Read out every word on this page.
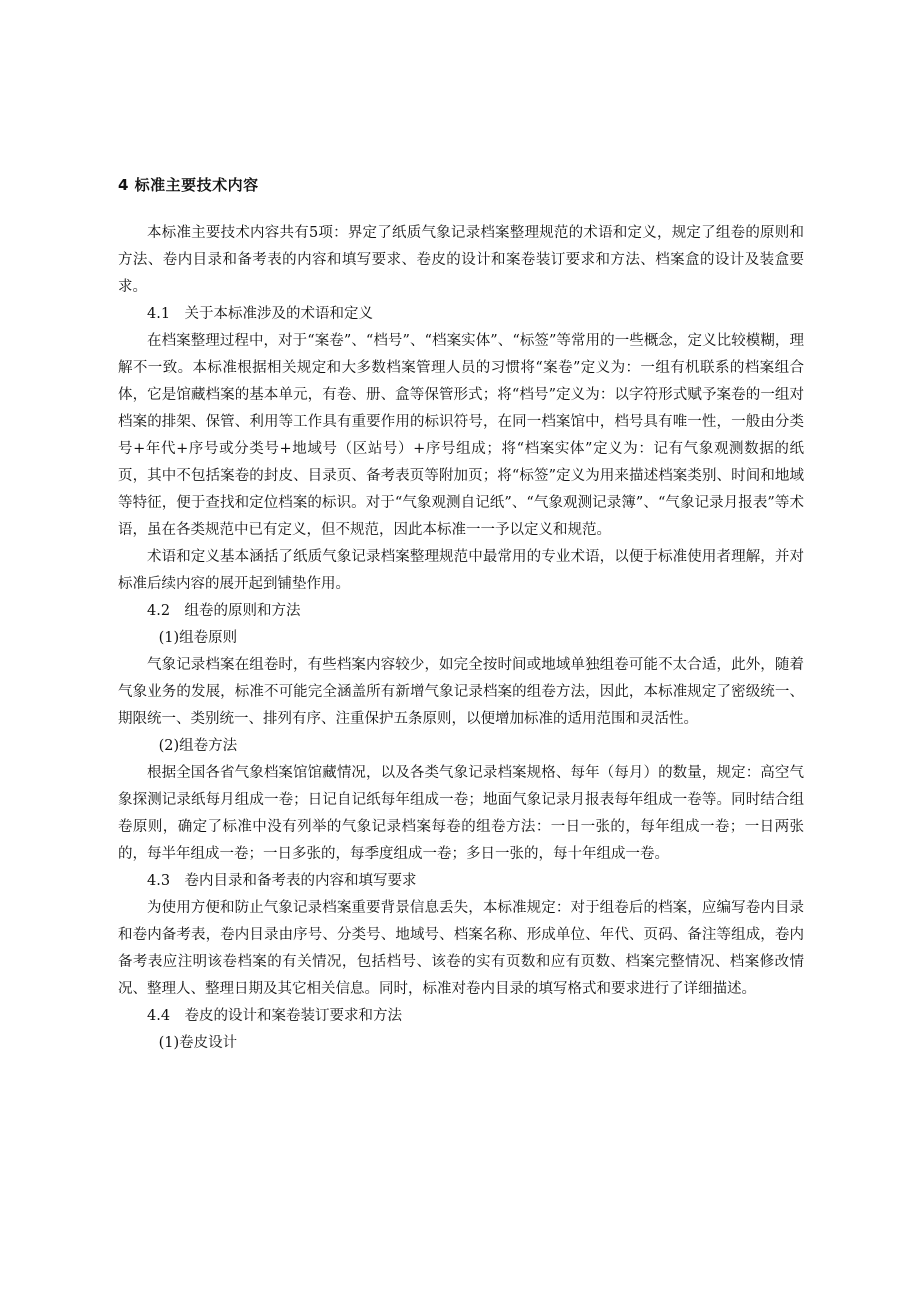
4 标准主要技术内容

本标准主要技术内容共有5项：界定了纸质气象记录档案整理规范的术语和定义，规定了组卷的原则和方法、卷内目录和备考表的内容和填写要求、卷皮的设计和案卷装订要求和方法、档案盒的设计及装盒要求。

4.1　关于本标准涉及的术语和定义

在档案整理过程中，对于“案卷”、“档号”、“档案实体”、“标签”等常用的一些概念，定义比较模糊，理解不一致。本标准根据相关规定和大多数档案管理人员的习惯将“案卷”定义为：一组有机联系的档案组合体，它是馆藏档案的基本单元，有卷、册、盒等保管形式；将“档号”定义为：以字符形式赋予案卷的一组对档案的排架、保管、利用等工作具有重要作用的标识符号，在同一档案馆中，档号具有唯一性，一般由分类号+年代+序号或分类号+地域号（区站号）+序号组成；将“档案实体”定义为：记有气象观测数据的纸页，其中不包括案卷的封皮、目录页、备考表页等附加页；将“标签”定义为用来描述档案类别、时间和地域等特征，便于查找和定位档案的标识。对于“气象观测自记纸”、“气象观测记录簿”、“气象记录月报表”等术语，虽在各类规范中已有定义，但不规范，因此本标准一一予以定义和规范。

术语和定义基本涵括了纸质气象记录档案整理规范中最常用的专业术语，以便于标准使用者理解，并对标准后续内容的展开起到铺垫作用。

4.2　组卷的原则和方法
(1)组卷原则

气象记录档案在组卷时，有些档案内容较少，如完全按时间或地域单独组卷可能不太合适，此外，随着气象业务的发展，标准不可能完全涵盖所有新增气象记录档案的组卷方法，因此，本标准规定了密级统一、期限统一、类别统一、排列有序、注重保护五条原则，以便增加标准的适用范围和灵活性。

(2)组卷方法

根据全国各省气象档案馆馆藏情况，以及各类气象记录档案规格、每年（每月）的数量，规定：高空气象探测记录纸每月组成一卷；日记自记纸每年组成一卷；地面气象记录月报表每年组成一卷等。同时结合组卷原则，确定了标准中没有列举的气象记录档案每卷的组卷方法：一日一张的，每年组成一卷；一日两张的，每半年组成一卷；一日多张的，每季度组成一卷；多日一张的，每十年组成一卷。

4.3　卷内目录和备考表的内容和填写要求

为使用方便和防止气象记录档案重要背景信息丢失，本标准规定：对于组卷后的档案，应编写卷内目录和卷内备考表，卷内目录由序号、分类号、地域号、档案名称、形成单位、年代、页码、备注等组成，卷内备考表应注明该卷档案的有关情况，包括档号、该卷的实有页数和应有页数、档案完整情况、档案修改情况、整理人、整理日期及其它相关信息。同时，标准对卷内目录的填写格式和要求进行了详细描述。

4.4　卷皮的设计和案卷装订要求和方法
(1)卷皮设计
